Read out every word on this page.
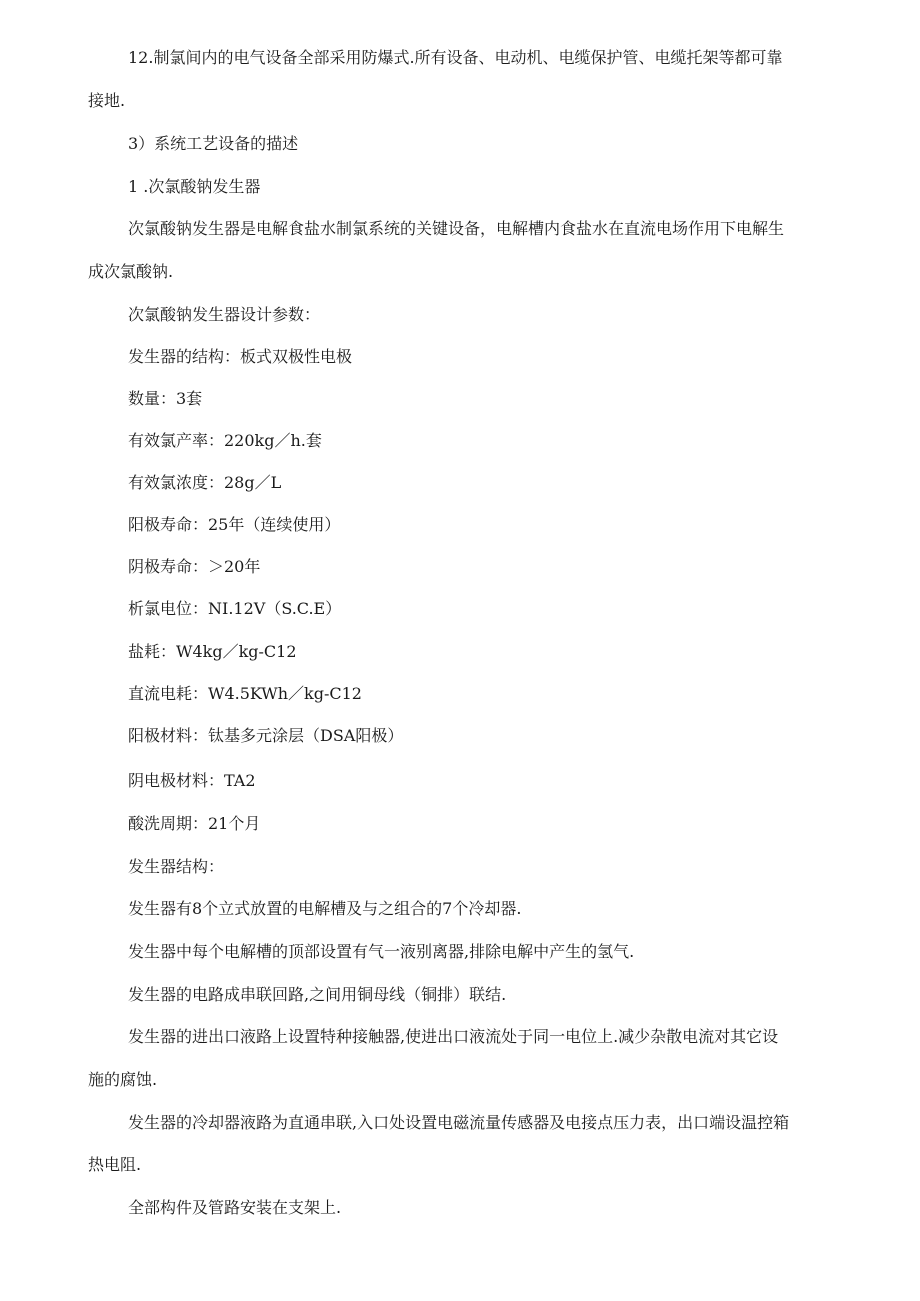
12.制氯间内的电气设备全部采用防爆式.所有设备、电动机、电缆保护管、电缆托架等都可靠
接地.
3）系统工艺设备的描述
1 .次氯酸钠发生器
次氯酸钠发生器是电解食盐水制氯系统的关键设备，电解槽内食盐水在直流电场作用下电解生
成次氯酸钠.
次氯酸钠发生器设计参数：
发生器的结构：板式双极性电极
数量：3套
有效氯产率：220kg／h.套
有效氯浓度：28g／L
阳极寿命：25年（连续使用）
阴极寿命：＞20年
析氯电位：NI.12V（S.C.E）
盐耗：W4kg／kg-C12
直流电耗：W4.5KWh／kg-C12
阳极材料：钛基多元涂层（DSA阳极）
阴电极材料：TA2
酸洗周期：21个月
发生器结构：
发生器有8个立式放置的电解槽及与之组合的7个冷却器.
发生器中每个电解槽的顶部设置有气一液别离器,排除电解中产生的氢气.
发生器的电路成串联回路,之间用铜母线（铜排）联结.
发生器的进出口液路上设置特种接触器,使进出口液流处于同一电位上.减少杂散电流对其它设
施的腐蚀.
发生器的冷却器液路为直通串联,入口处设置电磁流量传感器及电接点压力表，出口端设温控箱
热电阻.
全部构件及管路安装在支架上.
